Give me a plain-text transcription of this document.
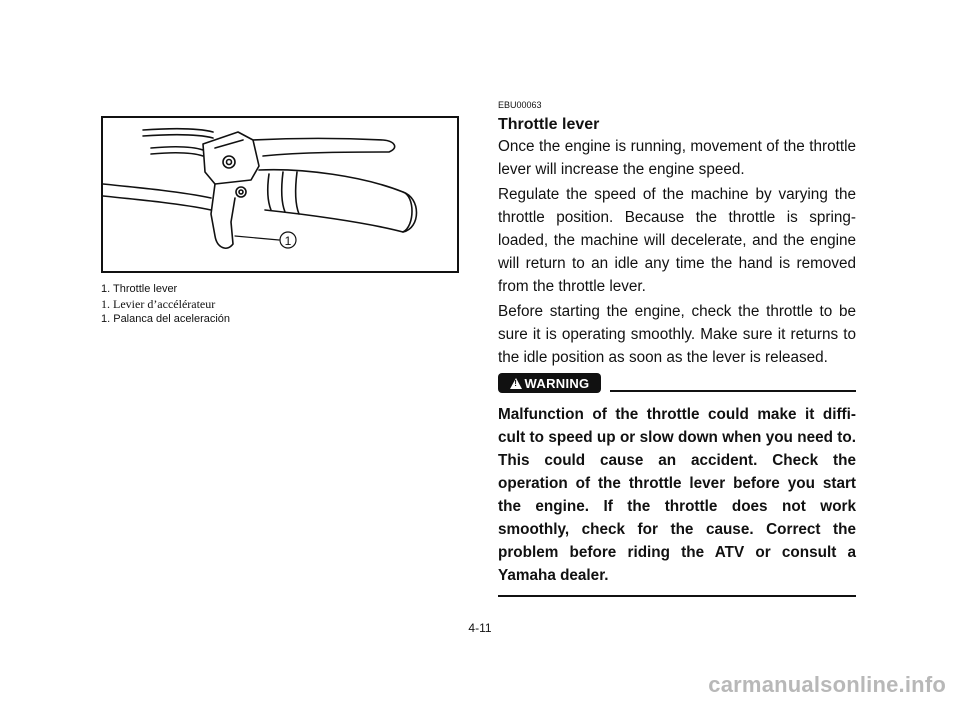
1

1. Throttle lever

1. Levier d’accélérateur

1. Palanca del aceleración

EBU00063

Throttle lever

Once the engine is running, movement of the throttle lever will increase the engine speed.

Regulate the speed of the machine by varying the throttle position. Because the throttle is spring-loaded, the machine will decelerate, and the engine will return to an idle any time the hand is removed from the throttle lever.

Before starting the engine, check the throttle to be sure it is operating smoothly. Make sure it returns to the idle position as soon as the lever is released.

! WARNING

Malfunction of the throttle could make it diffi- cult to speed up or slow down when you need to. This could cause an accident. Check the operation of the throttle lever before you start the engine. If the throttle does not work smoothly, check for the cause. Correct the problem before riding the ATV or consult a Yamaha dealer.

4-11
carmanualsonline.info
